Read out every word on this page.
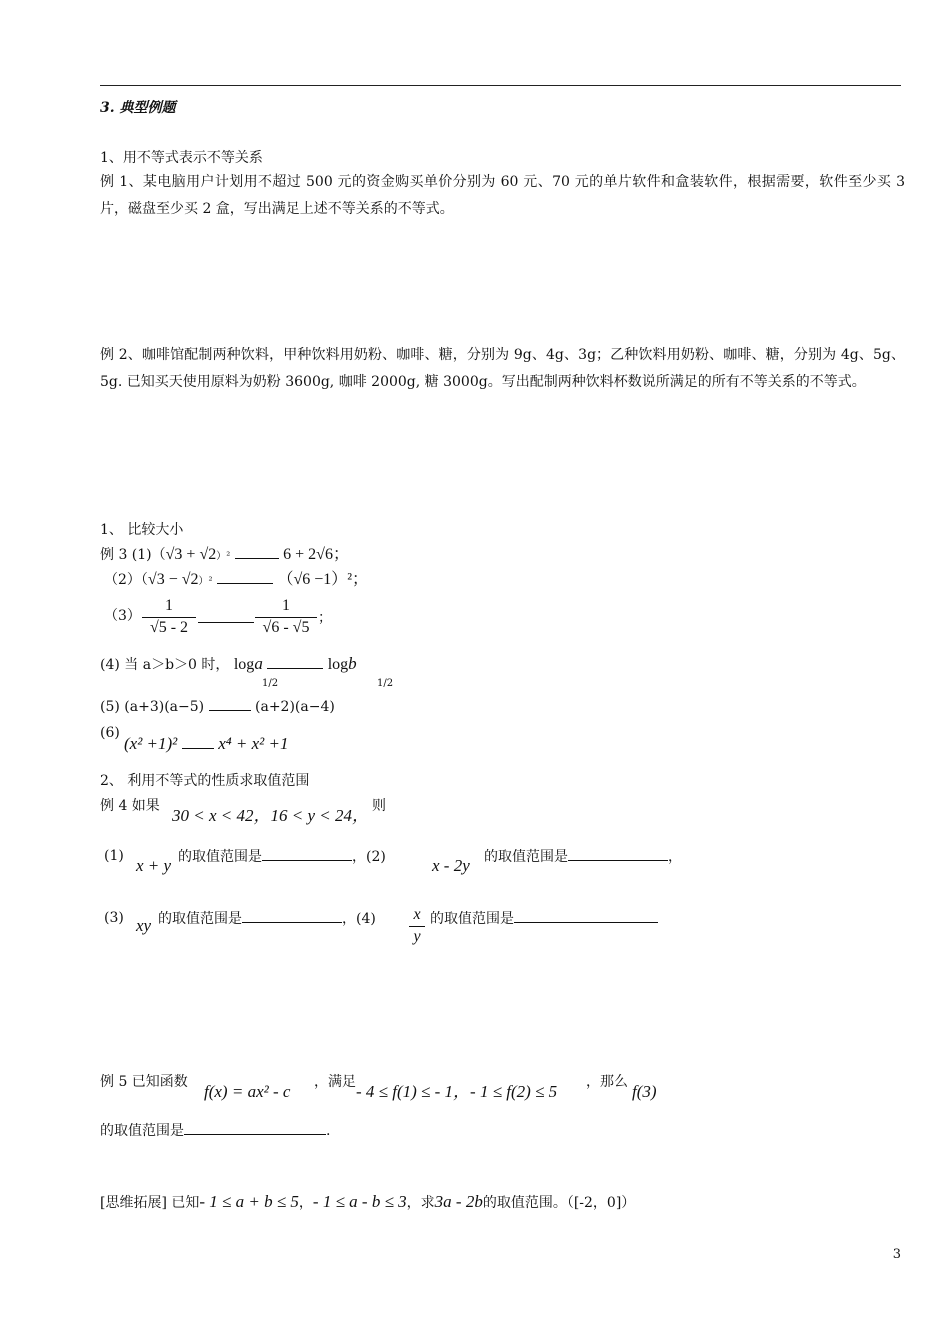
3. 典型例题
1、用不等式表示不等关系
例 1、某电脑用户计划用不超过 500 元的资金购买单价分别为 60 元、70 元的单片软件和盒装软件，根据需要，软件至少买 3 片，磁盘至少买 2 盒，写出满足上述不等关系的不等式。
例 2、咖啡馆配制两种饮料，甲种饮料用奶粉、咖啡、糖，分别为 9g、4g、3g；乙种饮料用奶粉、咖啡、糖，分别为 4g、5g、5g. 已知买天使用原料为奶粉 3600g, 咖啡 2000g, 糖 3000g。写出配制两种饮料杯数说所满足的所有不等关系的不等式。
1、 比较大小
例 3 (1)（√3 + √2）²	6 + 2√6；
（2）（√3 − √2）²	（√6 −1）²；
$(3) \frac{1}{√5 - 2}$	$\frac{1}{√6 - √5}$ ；
(4) 当 a＞b＞0 时， loga	logb
1/2	1/2
(5) (a+3)(a−5)	(a+2)(a−4)
(6)
(x² +1)² x⁴ + x² +1
2、 利用不等式的性质求取值范围
例 4 如果 30 < x < 42，16 < y < 24， 则
(1) x + y 的取值范围是	，(2)	x - 2y 的取值范围是	，
(3) xy 的取值范围是	，$(4) \frac{x}{y}$ 的取值范围是
例 5 已知函数 f(x) = ax² - c ，满足 - 4 ≤ f(1) ≤ - 1，- 1 ≤ f(2) ≤ 5 ，那么 f(3)
的取值范围是	.
[思维拓展] 已知- 1 ≤ a + b ≤ 5，- 1 ≤ a - b ≤ 3，求3a - 2b的取值范围。（[-2，0]）
3
